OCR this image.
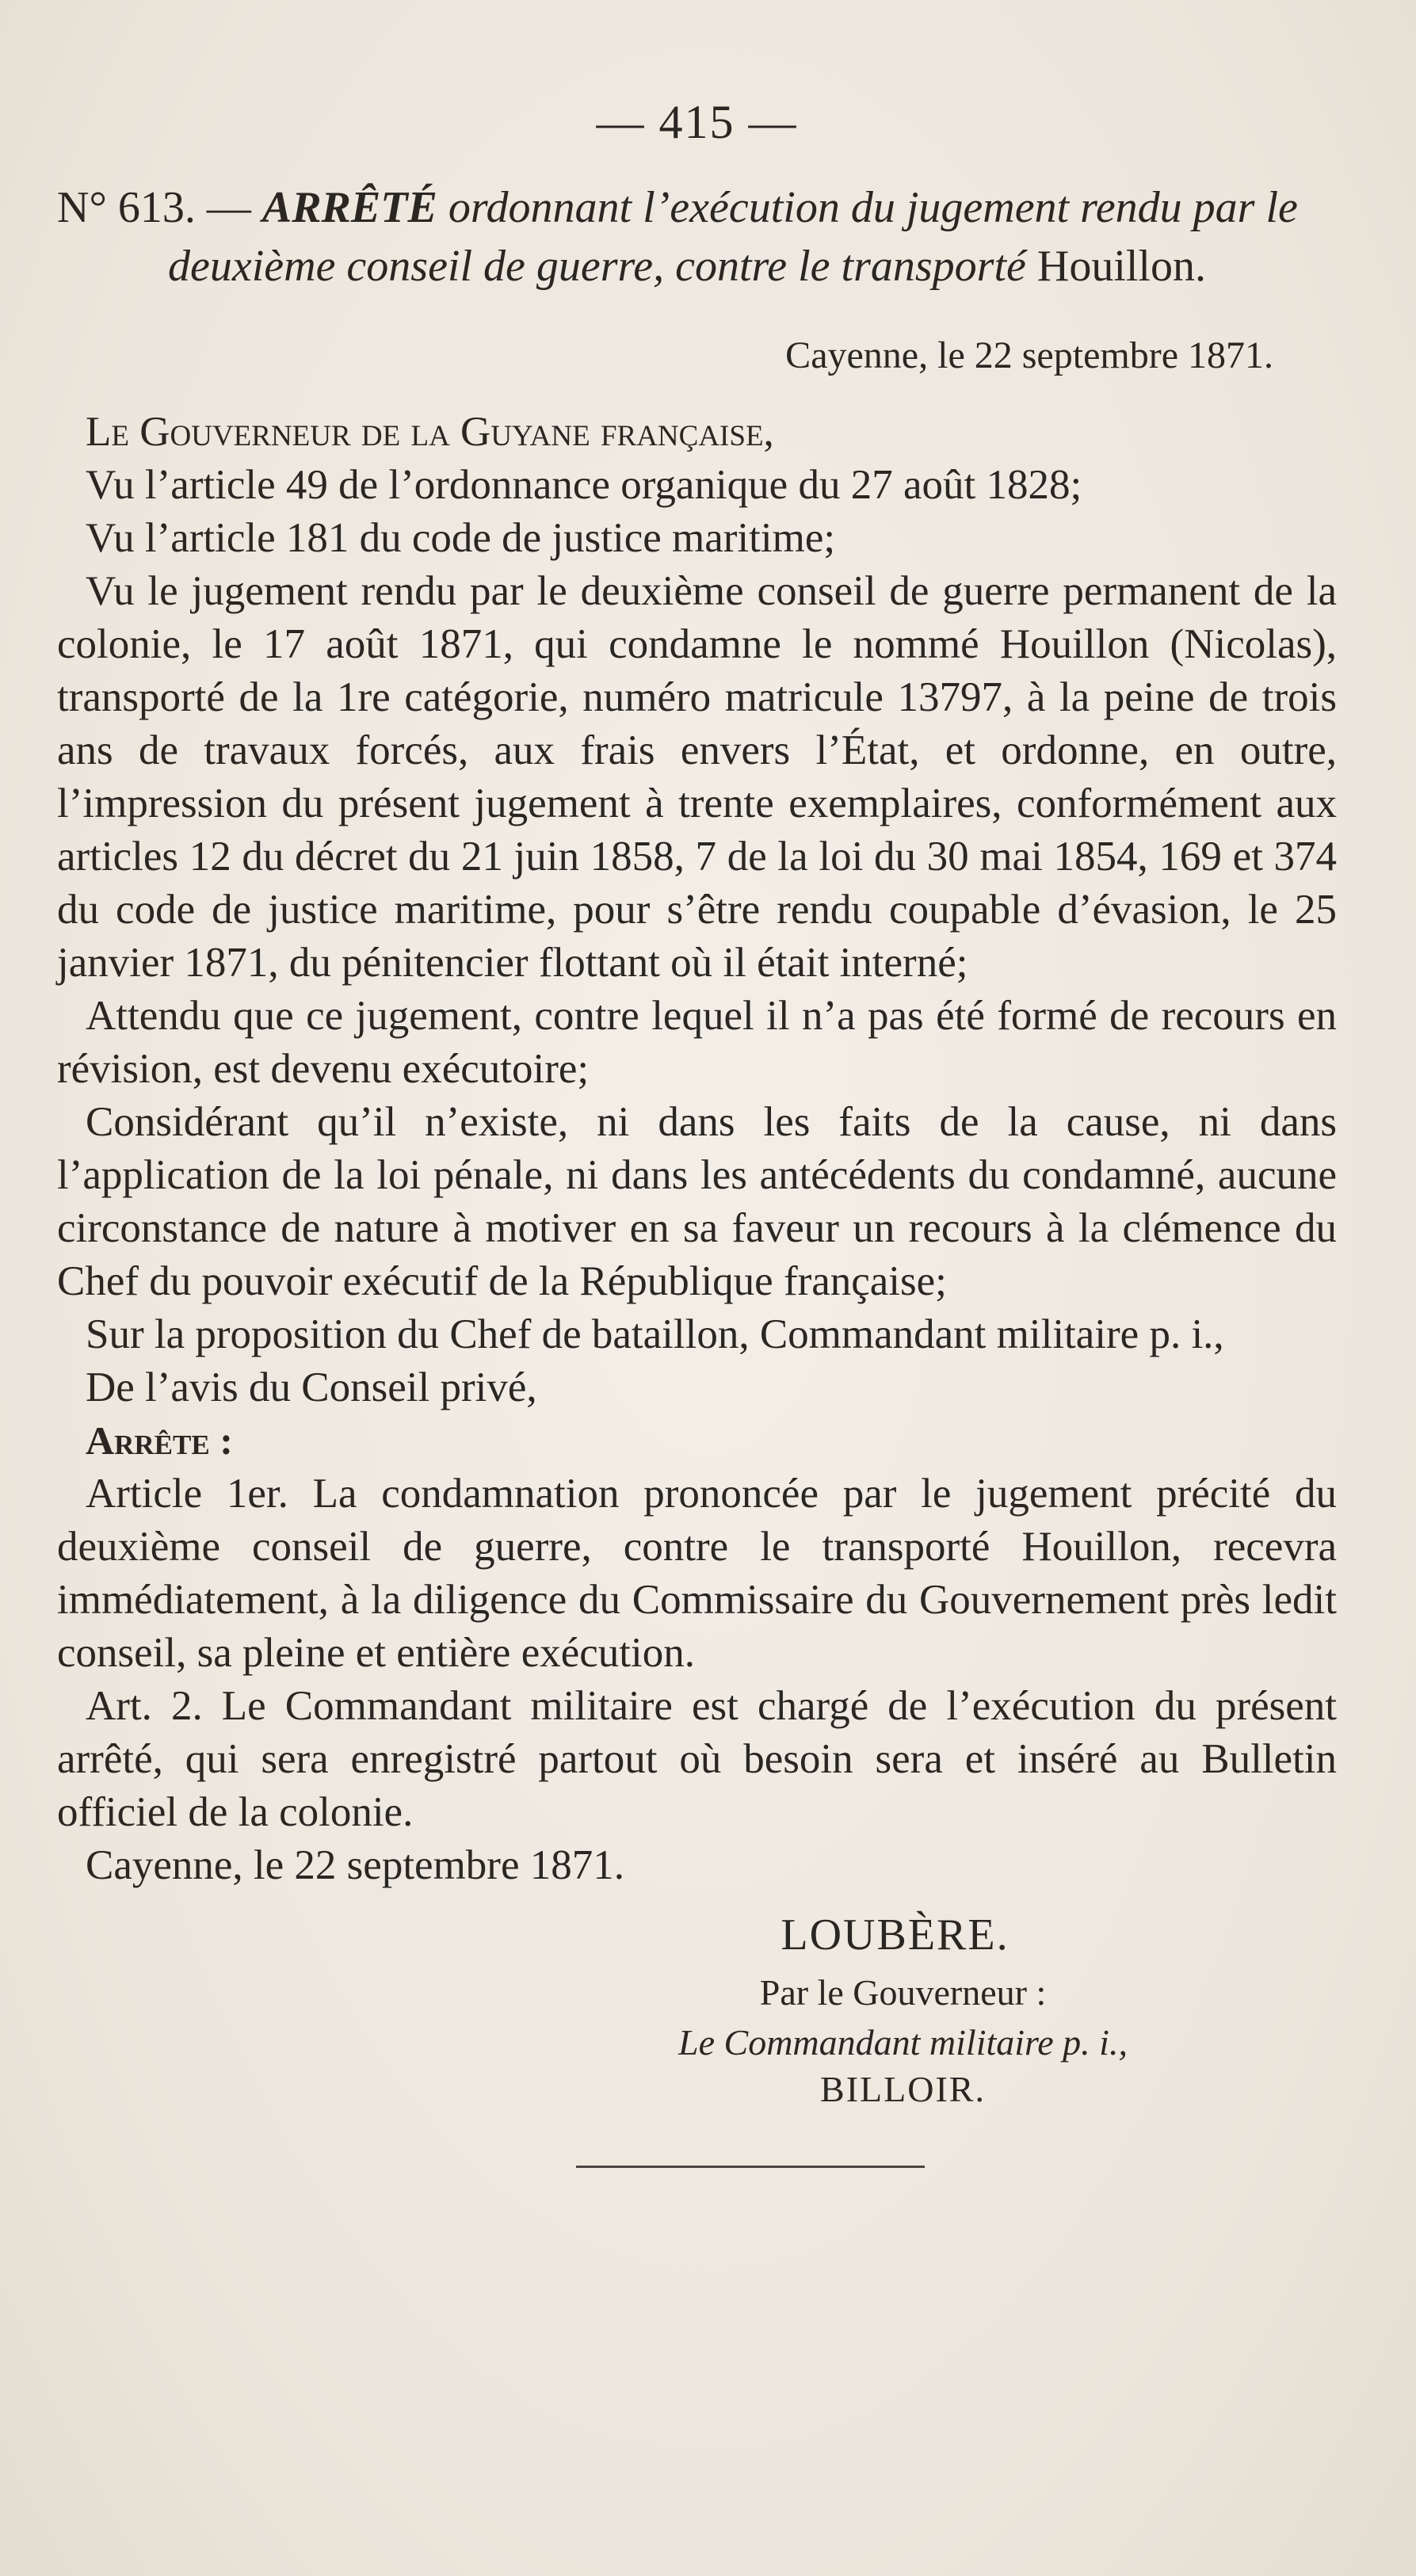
— 415 —

N° 613. — ARRÊTÉ ordonnant l’exécution du jugement rendu par le deuxième conseil de guerre, contre le transporté Houillon.

Cayenne, le 22 septembre 1871.

Le Gouverneur de la Guyane française,

Vu l’article 49 de l’ordonnance organique du 27 août 1828;

Vu l’article 181 du code de justice maritime;

Vu le jugement rendu par le deuxième conseil de guerre permanent de la colonie, le 17 août 1871, qui condamne le nommé Houillon (Nicolas), transporté de la 1re catégorie, numéro matricule 13797, à la peine de trois ans de travaux forcés, aux frais envers l’État, et ordonne, en outre, l’impression du présent jugement à trente exemplaires, conformément aux articles 12 du décret du 21 juin 1858, 7 de la loi du 30 mai 1854, 169 et 374 du code de justice maritime, pour s’être rendu coupable d’évasion, le 25 janvier 1871, du pénitencier flottant où il était interné;

Attendu que ce jugement, contre lequel il n’a pas été formé de recours en révision, est devenu exécutoire;

Considérant qu’il n’existe, ni dans les faits de la cause, ni dans l’application de la loi pénale, ni dans les antécédents du condamné, aucune circonstance de nature à motiver en sa faveur un recours à la clémence du Chef du pouvoir exécutif de la République française;

Sur la proposition du Chef de bataillon, Commandant militaire p. i.,

De l’avis du Conseil privé,

Arrête :

Article 1er. La condamnation prononcée par le jugement précité du deuxième conseil de guerre, contre le transporté Houillon, recevra immédiatement, à la diligence du Commissaire du Gouvernement près ledit conseil, sa pleine et entière exécution.

Art. 2. Le Commandant militaire est chargé de l’exécution du présent arrêté, qui sera enregistré partout où besoin sera et inséré au Bulletin officiel de la colonie.

Cayenne, le 22 septembre 1871.

LOUBÈRE.
Par le Gouverneur :
Le Commandant militaire p. i.,
BILLOIR.
